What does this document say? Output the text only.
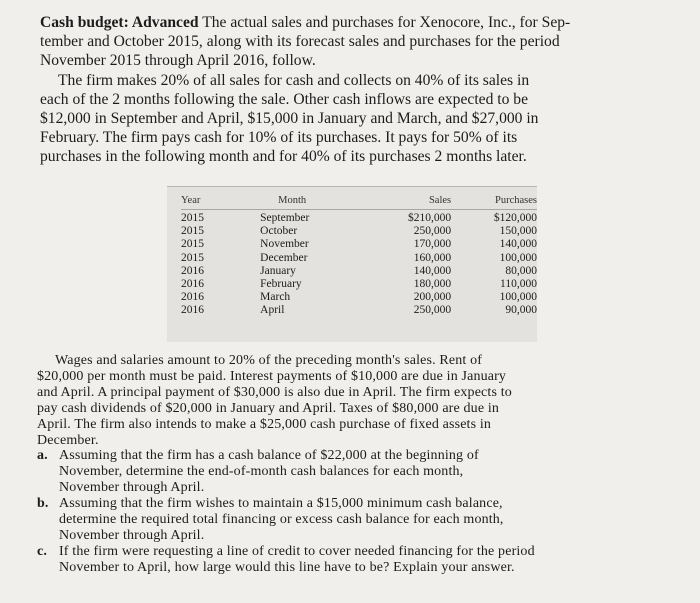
Cash budget: Advanced The actual sales and purchases for Xenocore, Inc., for Sep-

tember and October 2015, along with its forecast sales and purchases for the period

November 2015 through April 2016, follow.

The firm makes 20% of all sales for cash and collects on 40% of its sales in

each of the 2 months following the sale. Other cash inflows are expected to be

$12,000 in September and April, $15,000 in January and March, and $27,000 in

February. The firm pays cash for 10% of its purchases. It pays for 50% of its

purchases in the following month and for 40% of its purchases 2 months later.

Year	Month	Sales	Purchases
2015	September	$210,000	$120,000
2015	October	250,000	150,000
2015	November	170,000	140,000
2015	December	160,000	100,000
2016	January	140,000	80,000
2016	February	180,000	110,000
2016	March	200,000	100,000
2016	April	250,000	90,000

Wages and salaries amount to 20% of the preceding month's sales. Rent of

$20,000 per month must be paid. Interest payments of $10,000 are due in January

and April. A principal payment of $30,000 is also due in April. The firm expects to

pay cash dividends of $20,000 in January and April. Taxes of $80,000 are due in

April. The firm also intends to make a $25,000 cash purchase of fixed assets in

December.

a. Assuming that the firm has a cash balance of $22,000 at the beginning of

November, determine the end-of-month cash balances for each month,

November through April.

b. Assuming that the firm wishes to maintain a $15,000 minimum cash balance,

determine the required total financing or excess cash balance for each month,

November through April.

c. If the firm were requesting a line of credit to cover needed financing for the period

November to April, how large would this line have to be? Explain your answer.
